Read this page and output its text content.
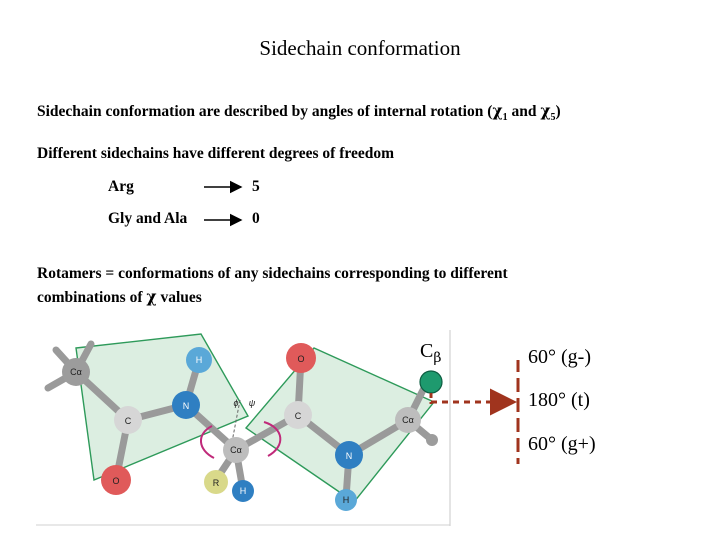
Sidechain conformation
Sidechain conformation are described by angles of internal rotation ($\chi_1$ and $\chi_5$)
Different sidechains have different degrees of freedom
Arg	5
Gly and Ala	0
Rotamers = conformations of any sidechains corresponding to different
combinations of χ values
Cα
H	O
N
C	C
Cα
Cα
N
O	R
H
H
ϕ ψ
$C_\beta$	60° (g-)
180° (t)
60° (g+)
